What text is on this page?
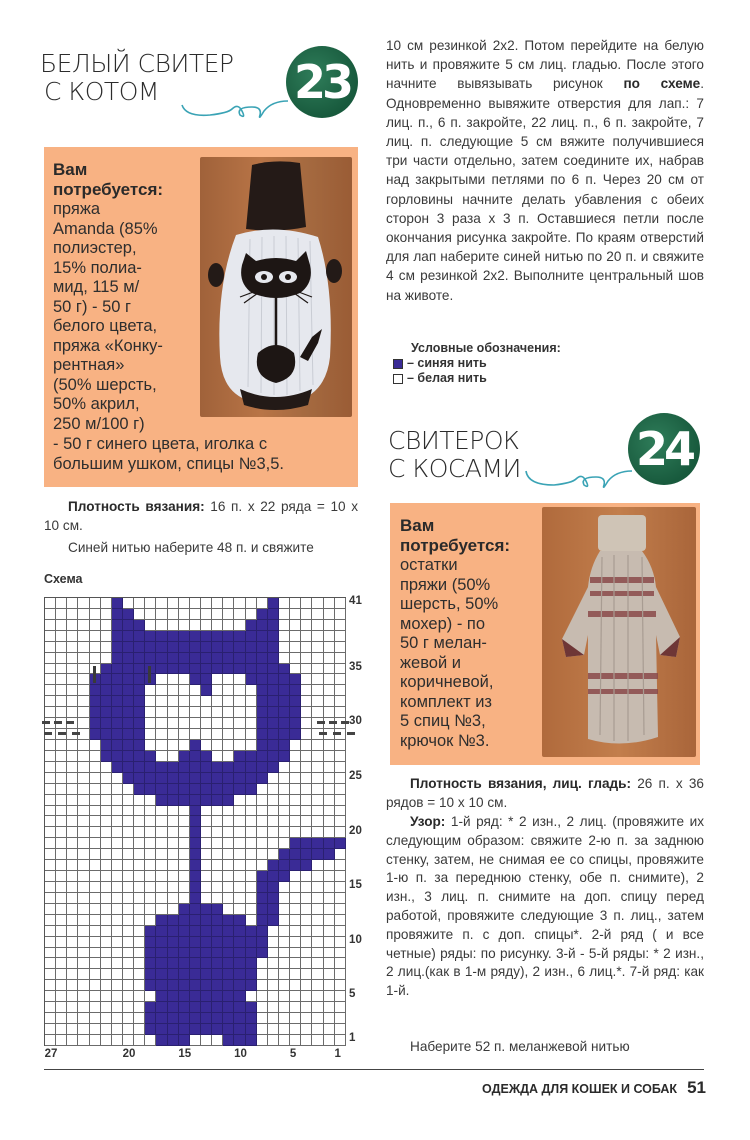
БЕЛЫЙ СВИТЕР
С КОТОМ	23
Вам
потребуется:
пряжа
Amanda (85%
полиэстер,
15% полиа-
мид, 115 м/
50 г) - 50 г
белого цвета,
пряжа «Конку-
рентная»
(50% шерсть,
50% акрил,
250 м/100 г)
- 50 г синего цвета, иголка с
большим ушком, спицы №3,5.
Плотность вязания: 16 п. х 22 ряда = 10 х 10 см.
Синей нитью наберите 48 п. и свяжите
10 см резинкой 2х2. Потом перейдите на белую нить и провяжите 5 см лиц. гладью. После этого начните вывязывать рисунок по схеме. Одновременно вывяжите отверстия для лап.: 7 лиц. п., 6 п. закройте, 22 лиц. п., 6 п. закройте, 7 лиц. п. следующие 5 см вяжите получившиеся три части отдельно, затем соедините их, набрав над закрытыми петлями по 6 п. Через 20 см от горловины начните делать убавления с обеих сторон 3 раза х 3 п. Оставшиеся петли после окончания рисунка закройте. По краям отверстий для лап наберите синей нитью по 20 п. и свяжите 4 см резинкой 2х2. Выполните центральный шов на животе.
Условные обозначения:
– синяя нить
– белая нить
Схема
41
35
30
25
20
15
10
5
1
27	20	15	10	5	1
СВИТЕРОК
С КОСАМИ	24
Вам
потребуется:
остатки
пряжи (50%
шерсть, 50%
мохер) - по
50 г мелан-
жевой и
коричневой,
комплект из
5 спиц №3,
крючок №3.
Плотность вязания, лиц. гладь: 26 п. х 36 рядов = 10 х 10 см.
Узор: 1-й ряд: * 2 изн., 2 лиц. (провяжите их следующим образом: свяжите 2-ю п. за заднюю стенку, затем, не снимая ее со спицы, провяжите 1-ю п. за переднюю стенку, обе п. снимите), 2 изн., 3 лиц. п. снимите на доп. спицу перед работой, провяжите следующие 3 п. лиц., затем провяжите п. с доп. спицы*. 2-й ряд ( и все четные) ряды: по рисунку. 3-й - 5-й ряды: * 2 изн., 2 лиц.(как в 1-м ряду), 2 изн., 6 лиц.*. 7-й ряд: как 1-й.
Наберите 52 п. меланжевой нитью
ОДЕЖДА ДЛЯ КОШЕК И СОБАК 51
